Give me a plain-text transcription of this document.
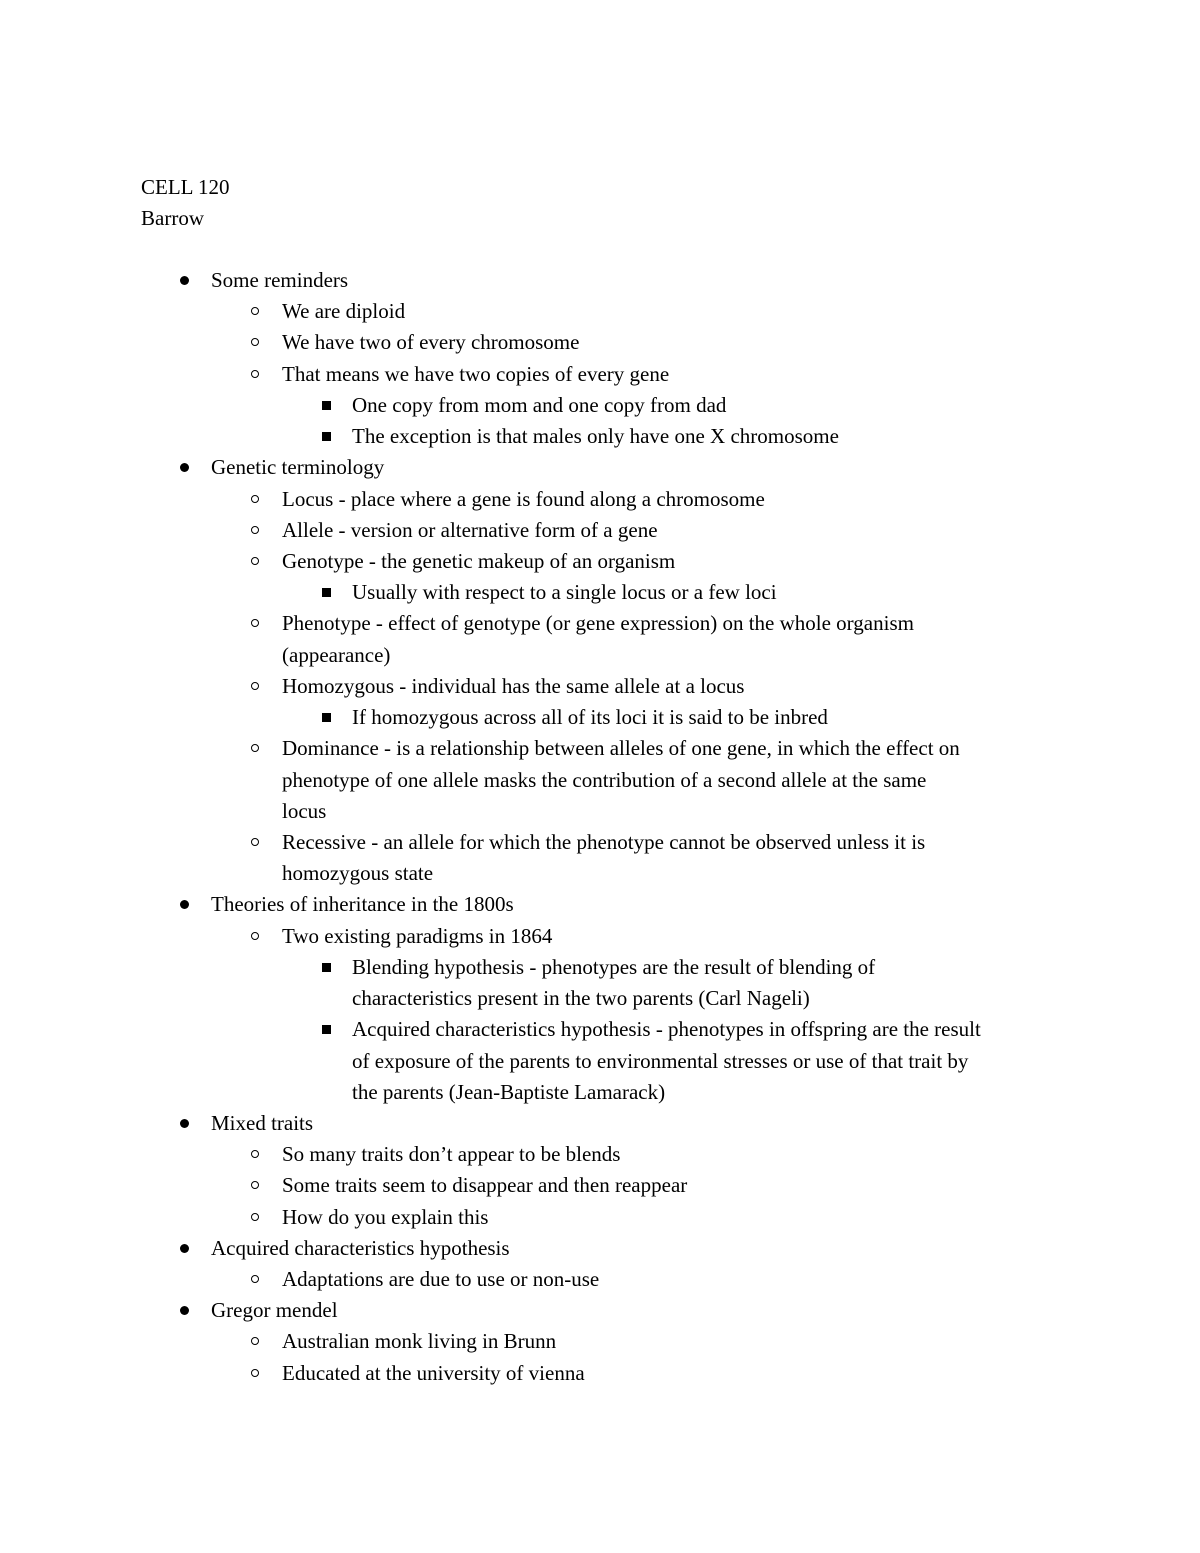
CELL 120
Barrow
Some reminders
We are diploid
We have two of every chromosome
That means we have two copies of every gene
One copy from mom and one copy from dad
The exception is that males only have one X chromosome
Genetic terminology
Locus - place where a gene is found along a chromosome
Allele - version or alternative form of a gene
Genotype - the genetic makeup of an organism
Usually with respect to a single locus or a few loci
Phenotype - effect of genotype (or gene expression) on the whole organism
(appearance)
Homozygous - individual has the same allele at a locus
If homozygous across all of its loci it is said to be inbred
Dominance - is a relationship between alleles of one gene, in which the effect on
phenotype of one allele masks the contribution of a second allele at the same
locus
Recessive - an allele for which the phenotype cannot be observed unless it is
homozygous state
Theories of inheritance in the 1800s
Two existing paradigms in 1864
Blending hypothesis - phenotypes are the result of blending of
characteristics present in the two parents (Carl Nageli)
Acquired characteristics hypothesis - phenotypes in offspring are the result
of exposure of the parents to environmental stresses or use of that trait by
the parents (Jean-Baptiste Lamarack)
Mixed traits
So many traits don’t appear to be blends
Some traits seem to disappear and then reappear
How do you explain this
Acquired characteristics hypothesis
Adaptations are due to use or non-use
Gregor mendel
Australian monk living in Brunn
Educated at the university of vienna
